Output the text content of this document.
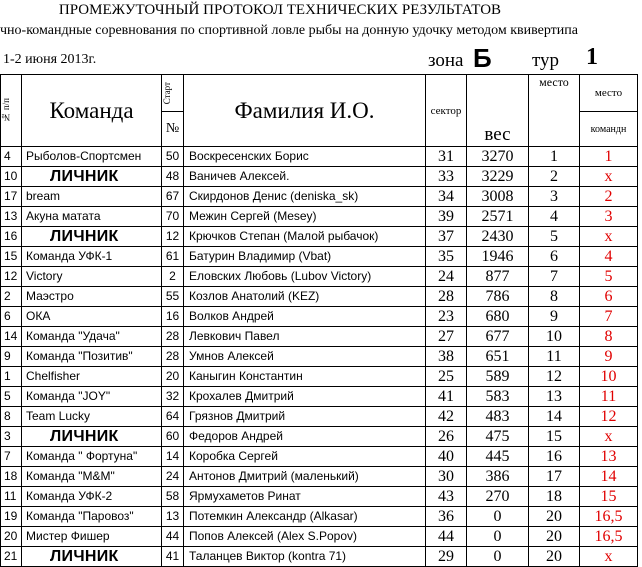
ПРОМЕЖУТОЧНЫЙ ПРОТОКОЛ ТЕХНИЧЕСКИХ РЕЗУЛЬТАТОВ
чно-командные соревнования по спортивной ловле рыбы на донную удочку методом квивертипа
1-2 июня 2013г.	зона Б тур 1
№ п/п	Команда	Старт	Фамилия И.О.	сектор	вес	место	место
		№					командн
4	Рыболов-Спортсмен	50	Воскресенских Борис	31	3270	1	1
10	ЛИЧНИК	48	Ваничев Алексей.	33	3229	2	х
17	bream	67	Скирдонов Денис (deniska_sk)	34	3008	3	2
13	Акуна матата	70	Межин Сергей (Mesey)	39	2571	4	3
16	ЛИЧНИК	12	Крючков Степан (Малой рыбачок)	37	2430	5	х
15	Команда УФК-1	61	Батурин Владимир (Vbat)	35	1946	6	4
12	Victory	2	Еловских Любовь (Lubov Victory)	24	877	7	5
2	Маэстро	55	Козлов Анатолий (KEZ)	28	786	8	6
6	ОКА	16	Волков Андрей	23	680	9	7
14	Команда "Удача"	28	Левкович Павел	27	677	10	8
9	Команда "Позитив"	28	Умнов Алексей	38	651	11	9
1	Chelfisher	20	Каныгин Константин	25	589	12	10
5	Команда "JOY"	32	Крохалев Дмитрий	41	583	13	11
8	Team Lucky	64	Грязнов Дмитрий	42	483	14	12
3	ЛИЧНИК	60	Федоров Андрей	26	475	15	х
7	Команда " Фортуна"	14	Коробка Сергей	40	445	16	13
18	Команда "M&M"	24	Антонов Дмитрий (маленький)	30	386	17	14
11	Команда УФК-2	58	Ярмухаметов Ринат	43	270	18	15
19	Команда "Паровоз"	13	Потемкин Александр (Alkasar)	36	0	20	16,5
20	Мистер Фишер	44	Попов Алексей (Alex S.Popov)	44	0	20	16,5
21	ЛИЧНИК	41	Таланцев Виктор (kontra 71)	29	0	20	х
